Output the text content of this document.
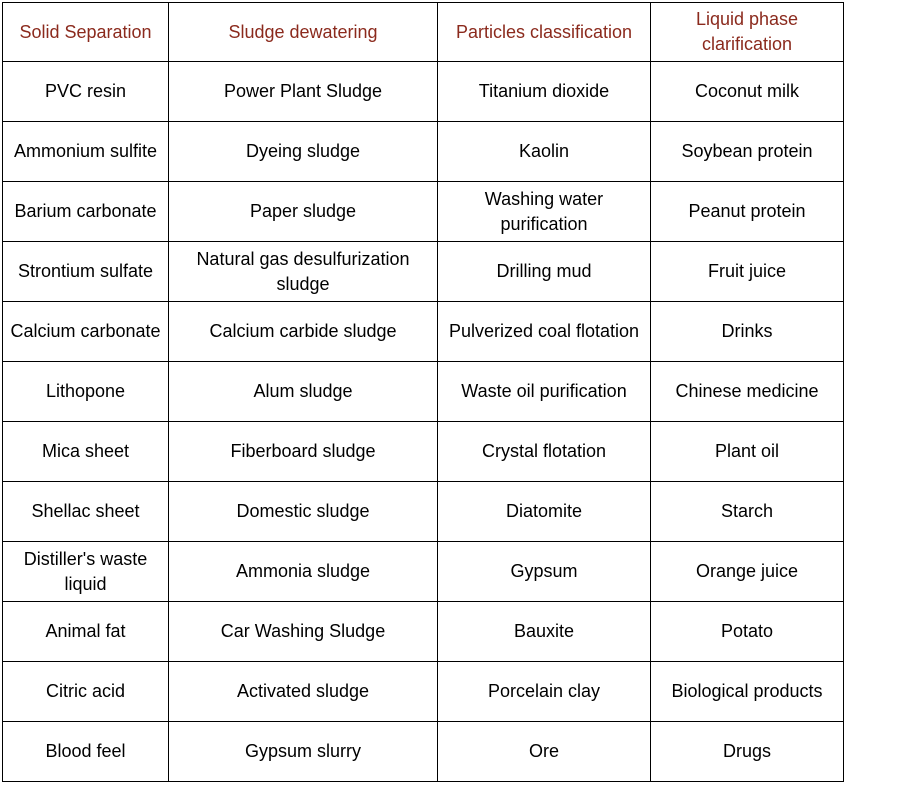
Solid Separation	Sludge dewatering	Particles classification	Liquid phase clarification
PVC resin	Power Plant Sludge	Titanium dioxide	Coconut milk
Ammonium sulfite	Dyeing sludge	Kaolin	Soybean protein
Barium carbonate	Paper sludge	Washing water purification	Peanut protein
Strontium sulfate	Natural gas desulfurization sludge	Drilling mud	Fruit juice
Calcium carbonate	Calcium carbide sludge	Pulverized coal flotation	Drinks
Lithopone	Alum sludge	Waste oil purification	Chinese medicine
Mica sheet	Fiberboard sludge	Crystal flotation	Plant oil
Shellac sheet	Domestic sludge	Diatomite	Starch
Distiller's waste liquid	Ammonia sludge	Gypsum	Orange juice
Animal fat	Car Washing Sludge	Bauxite	Potato
Citric acid	Activated sludge	Porcelain clay	Biological products
Blood feel	Gypsum slurry	Ore	Drugs
